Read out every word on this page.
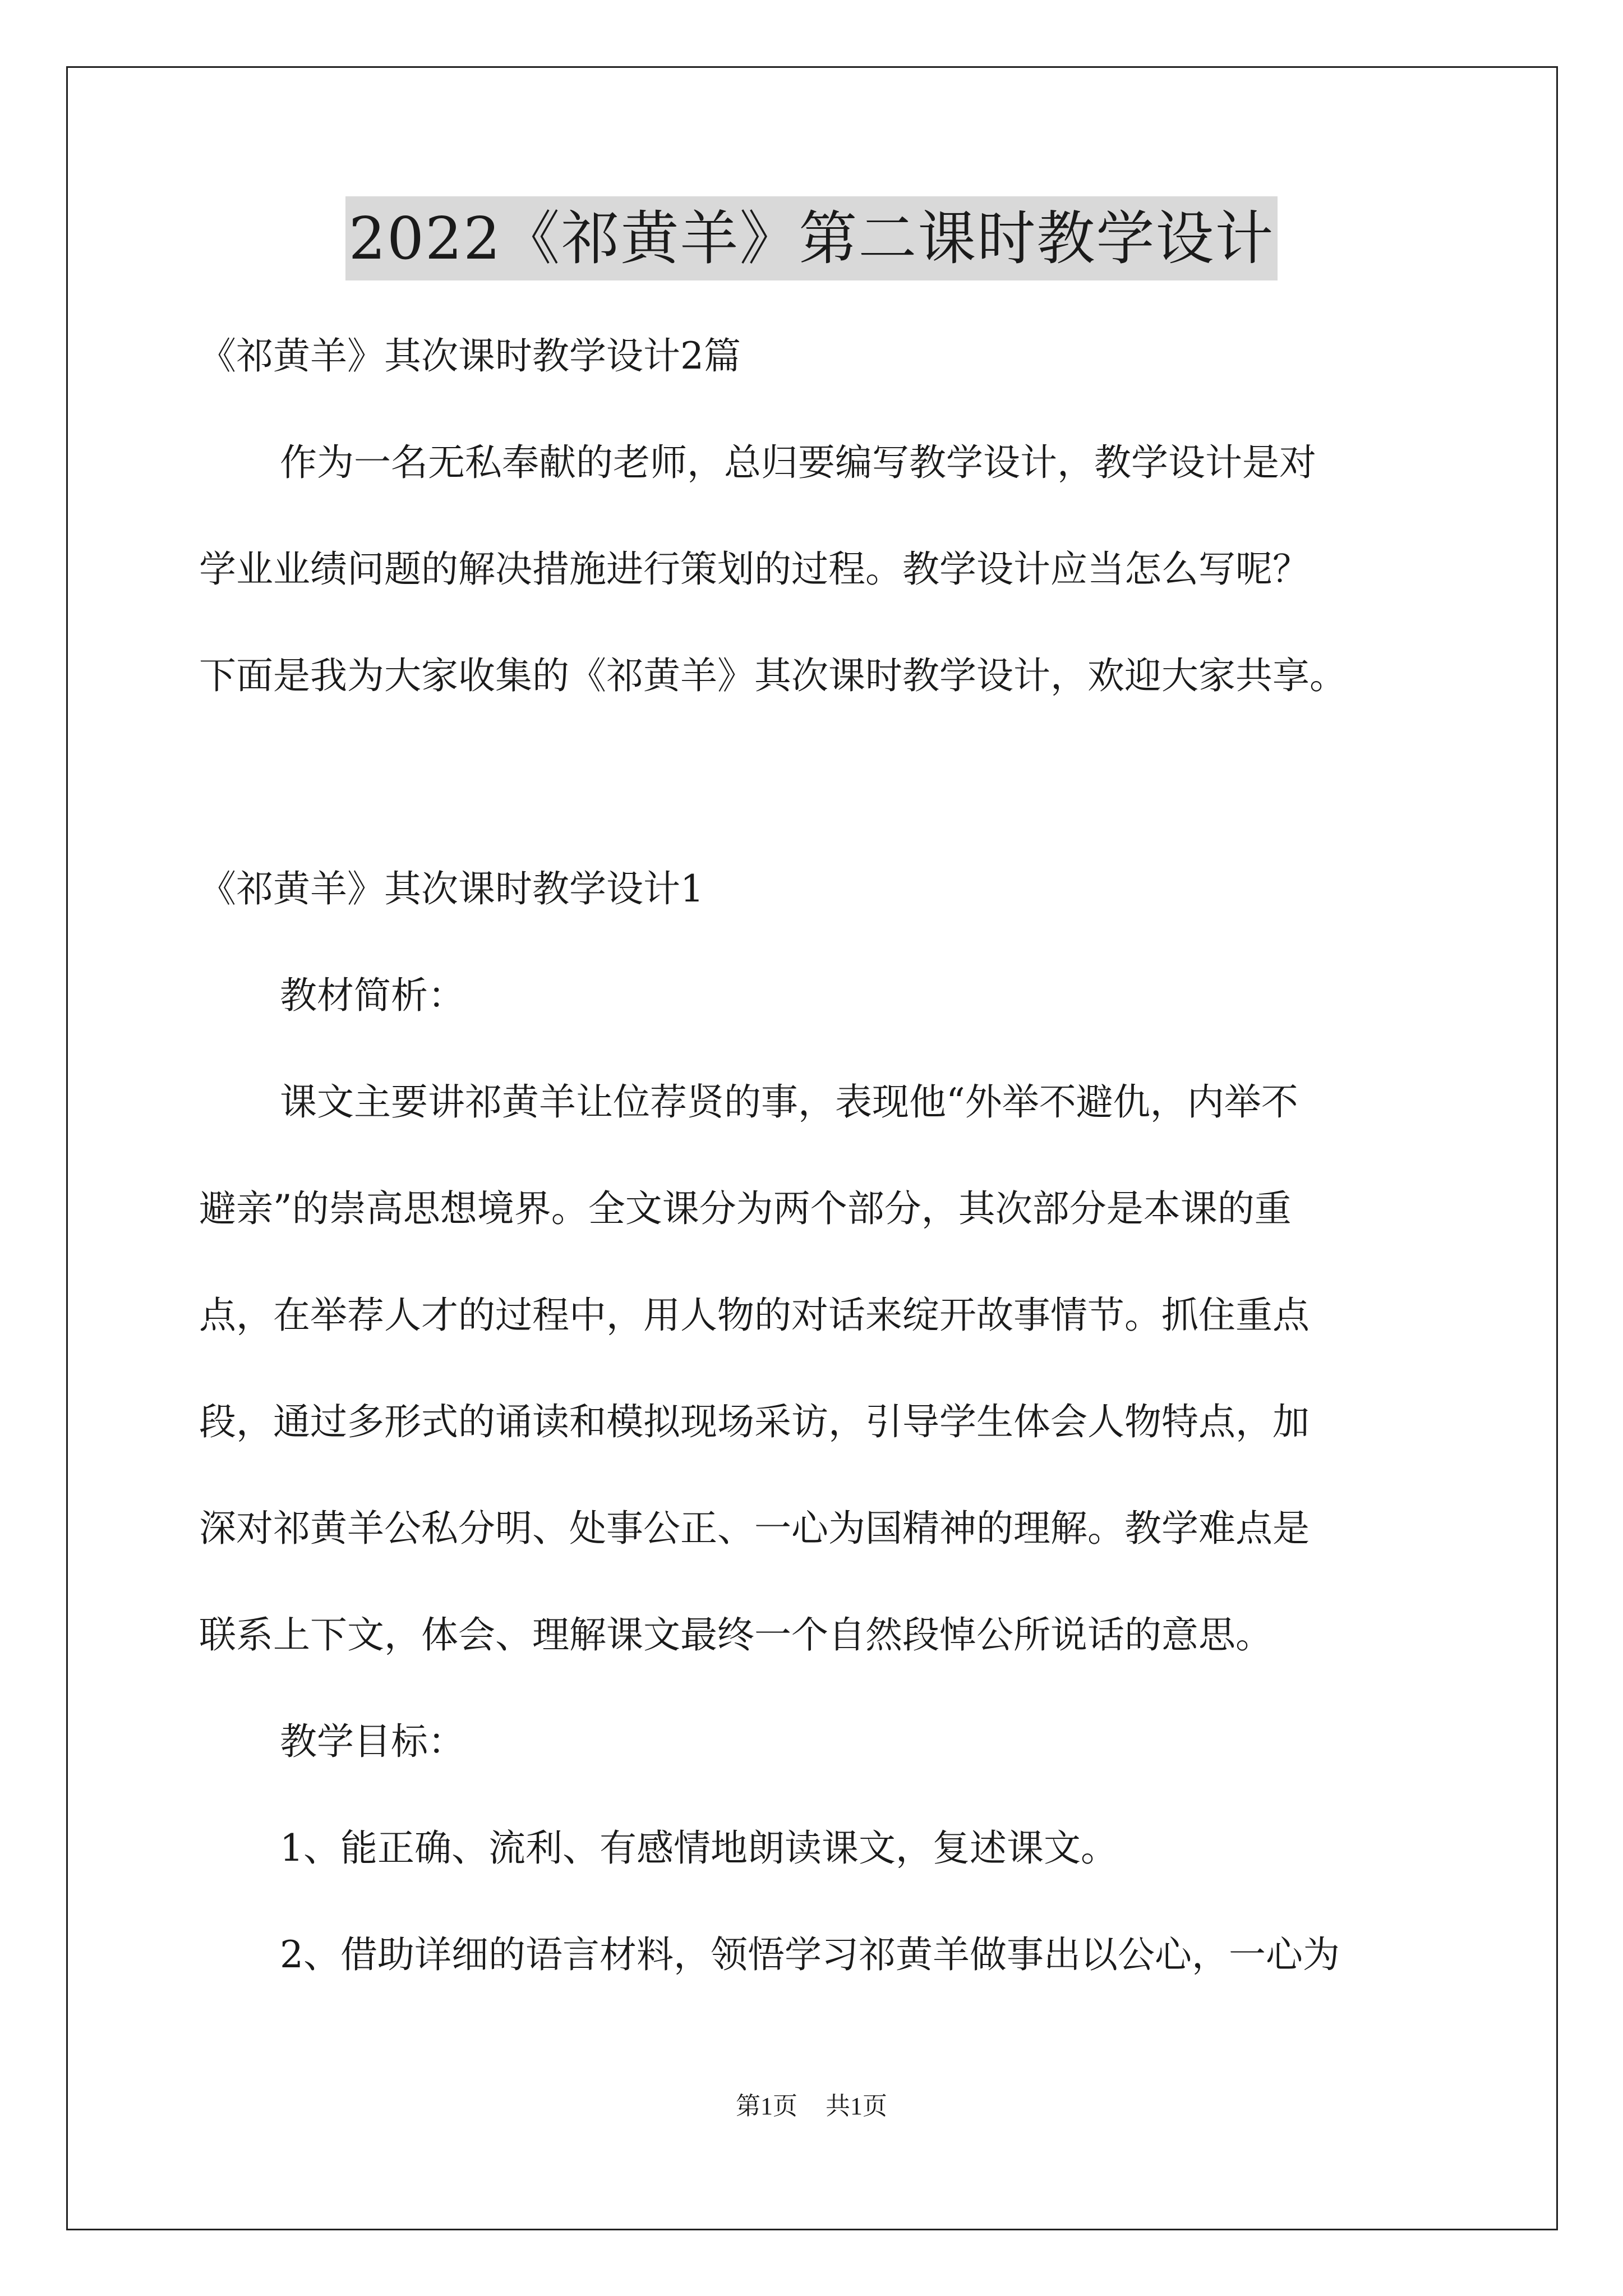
2022《祁黄羊》第二课时教学设计
《祁黄羊》其次课时教学设计2篇
作为一名无私奉献的老师，总归要编写教学设计，教学设计是对
学业业绩问题的解决措施进行策划的过程。教学设计应当怎么写呢？
下面是我为大家收集的《祁黄羊》其次课时教学设计，欢迎大家共享。
《祁黄羊》其次课时教学设计1
教材简析：
课文主要讲祁黄羊让位荐贤的事，表现他“外举不避仇，内举不
避亲”的崇高思想境界。全文课分为两个部分，其次部分是本课的重
点，在举荐人才的过程中，用人物的对话来绽开故事情节。抓住重点
段，通过多形式的诵读和模拟现场采访，引导学生体会人物特点，加
深对祁黄羊公私分明、处事公正、一心为国精神的理解。教学难点是
联系上下文，体会、理解课文最终一个自然段悼公所说话的意思。
教学目标：
1、能正确、流利、有感情地朗读课文，复述课文。
2、借助详细的语言材料，领悟学习祁黄羊做事出以公心，一心为
第1页 共1页
